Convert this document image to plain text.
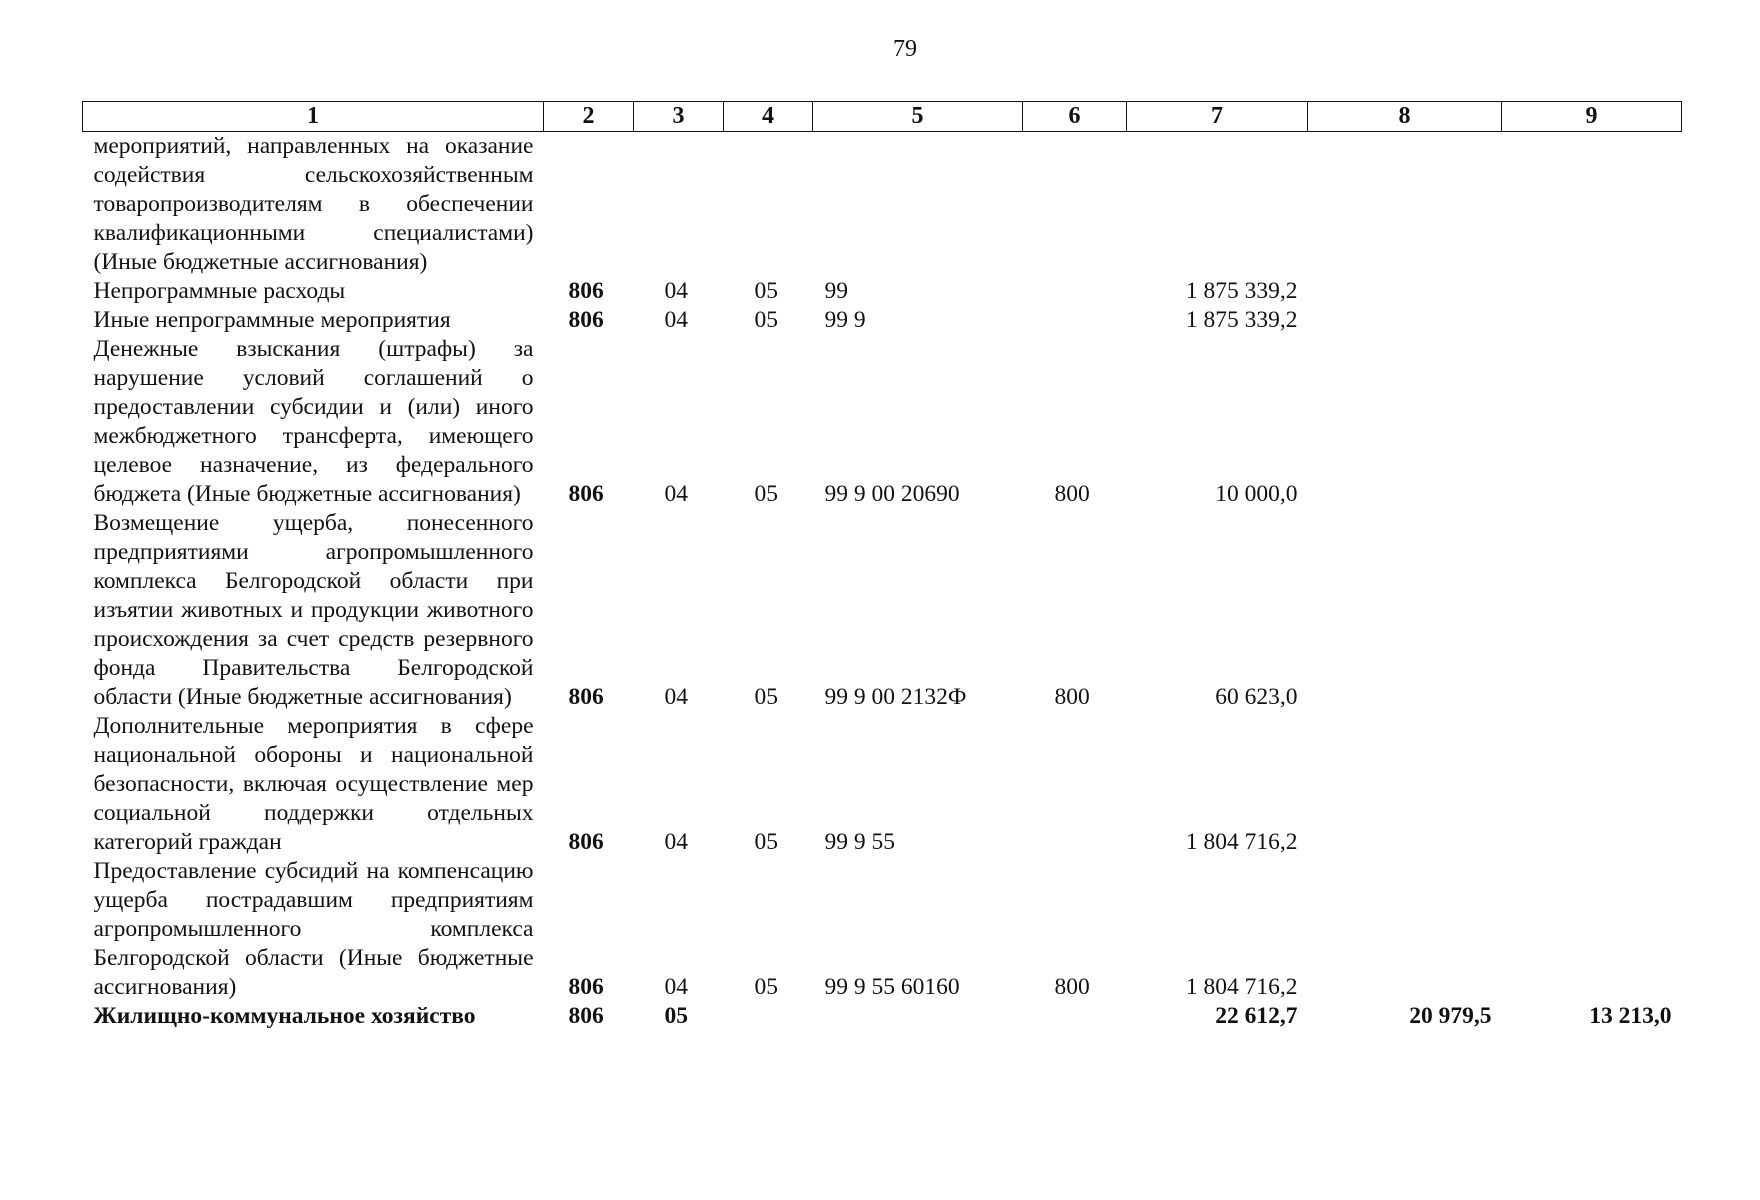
79
1	2	3	4	5	6	7	8	9
мероприятий, направленных на оказание содействия сельскохозяйственным товаропроизводителям в обеспечении квалификационными специалистами) (Иные бюджетные ассигнования)								
Непрограммные расходы	806	04	05	99		1 875 339,2		
Иные непрограммные мероприятия	806	04	05	99 9		1 875 339,2		
Денежные взыскания (штрафы) за нарушение условий соглашений о предоставлении субсидии и (или) иного межбюджетного трансферта, имеющего целевое назначение, из федерального бюджета (Иные бюджетные ассигнования)	806	04	05	99 9 00 20690	800	10 000,0		
Возмещение ущерба, понесенного предприятиями агропромышленного комплекса Белгородской области при изъятии животных и продукции животного происхождения за счет средств резервного фонда Правительства Белгородской области (Иные бюджетные ассигнования)	806	04	05	99 9 00 2132Ф	800	60 623,0		
Дополнительные мероприятия в сфере национальной обороны и национальной безопасности, включая осуществление мер социальной поддержки отдельных категорий граждан	806	04	05	99 9 55		1 804 716,2		
Предоставление субсидий на компенсацию ущерба пострадавшим предприятиям агропромышленного комплекса Белгородской области (Иные бюджетные ассигнования)	806	04	05	99 9 55 60160	800	1 804 716,2		
Жилищно-коммунальное хозяйство	806	05				22 612,7	20 979,5	13 213,0
